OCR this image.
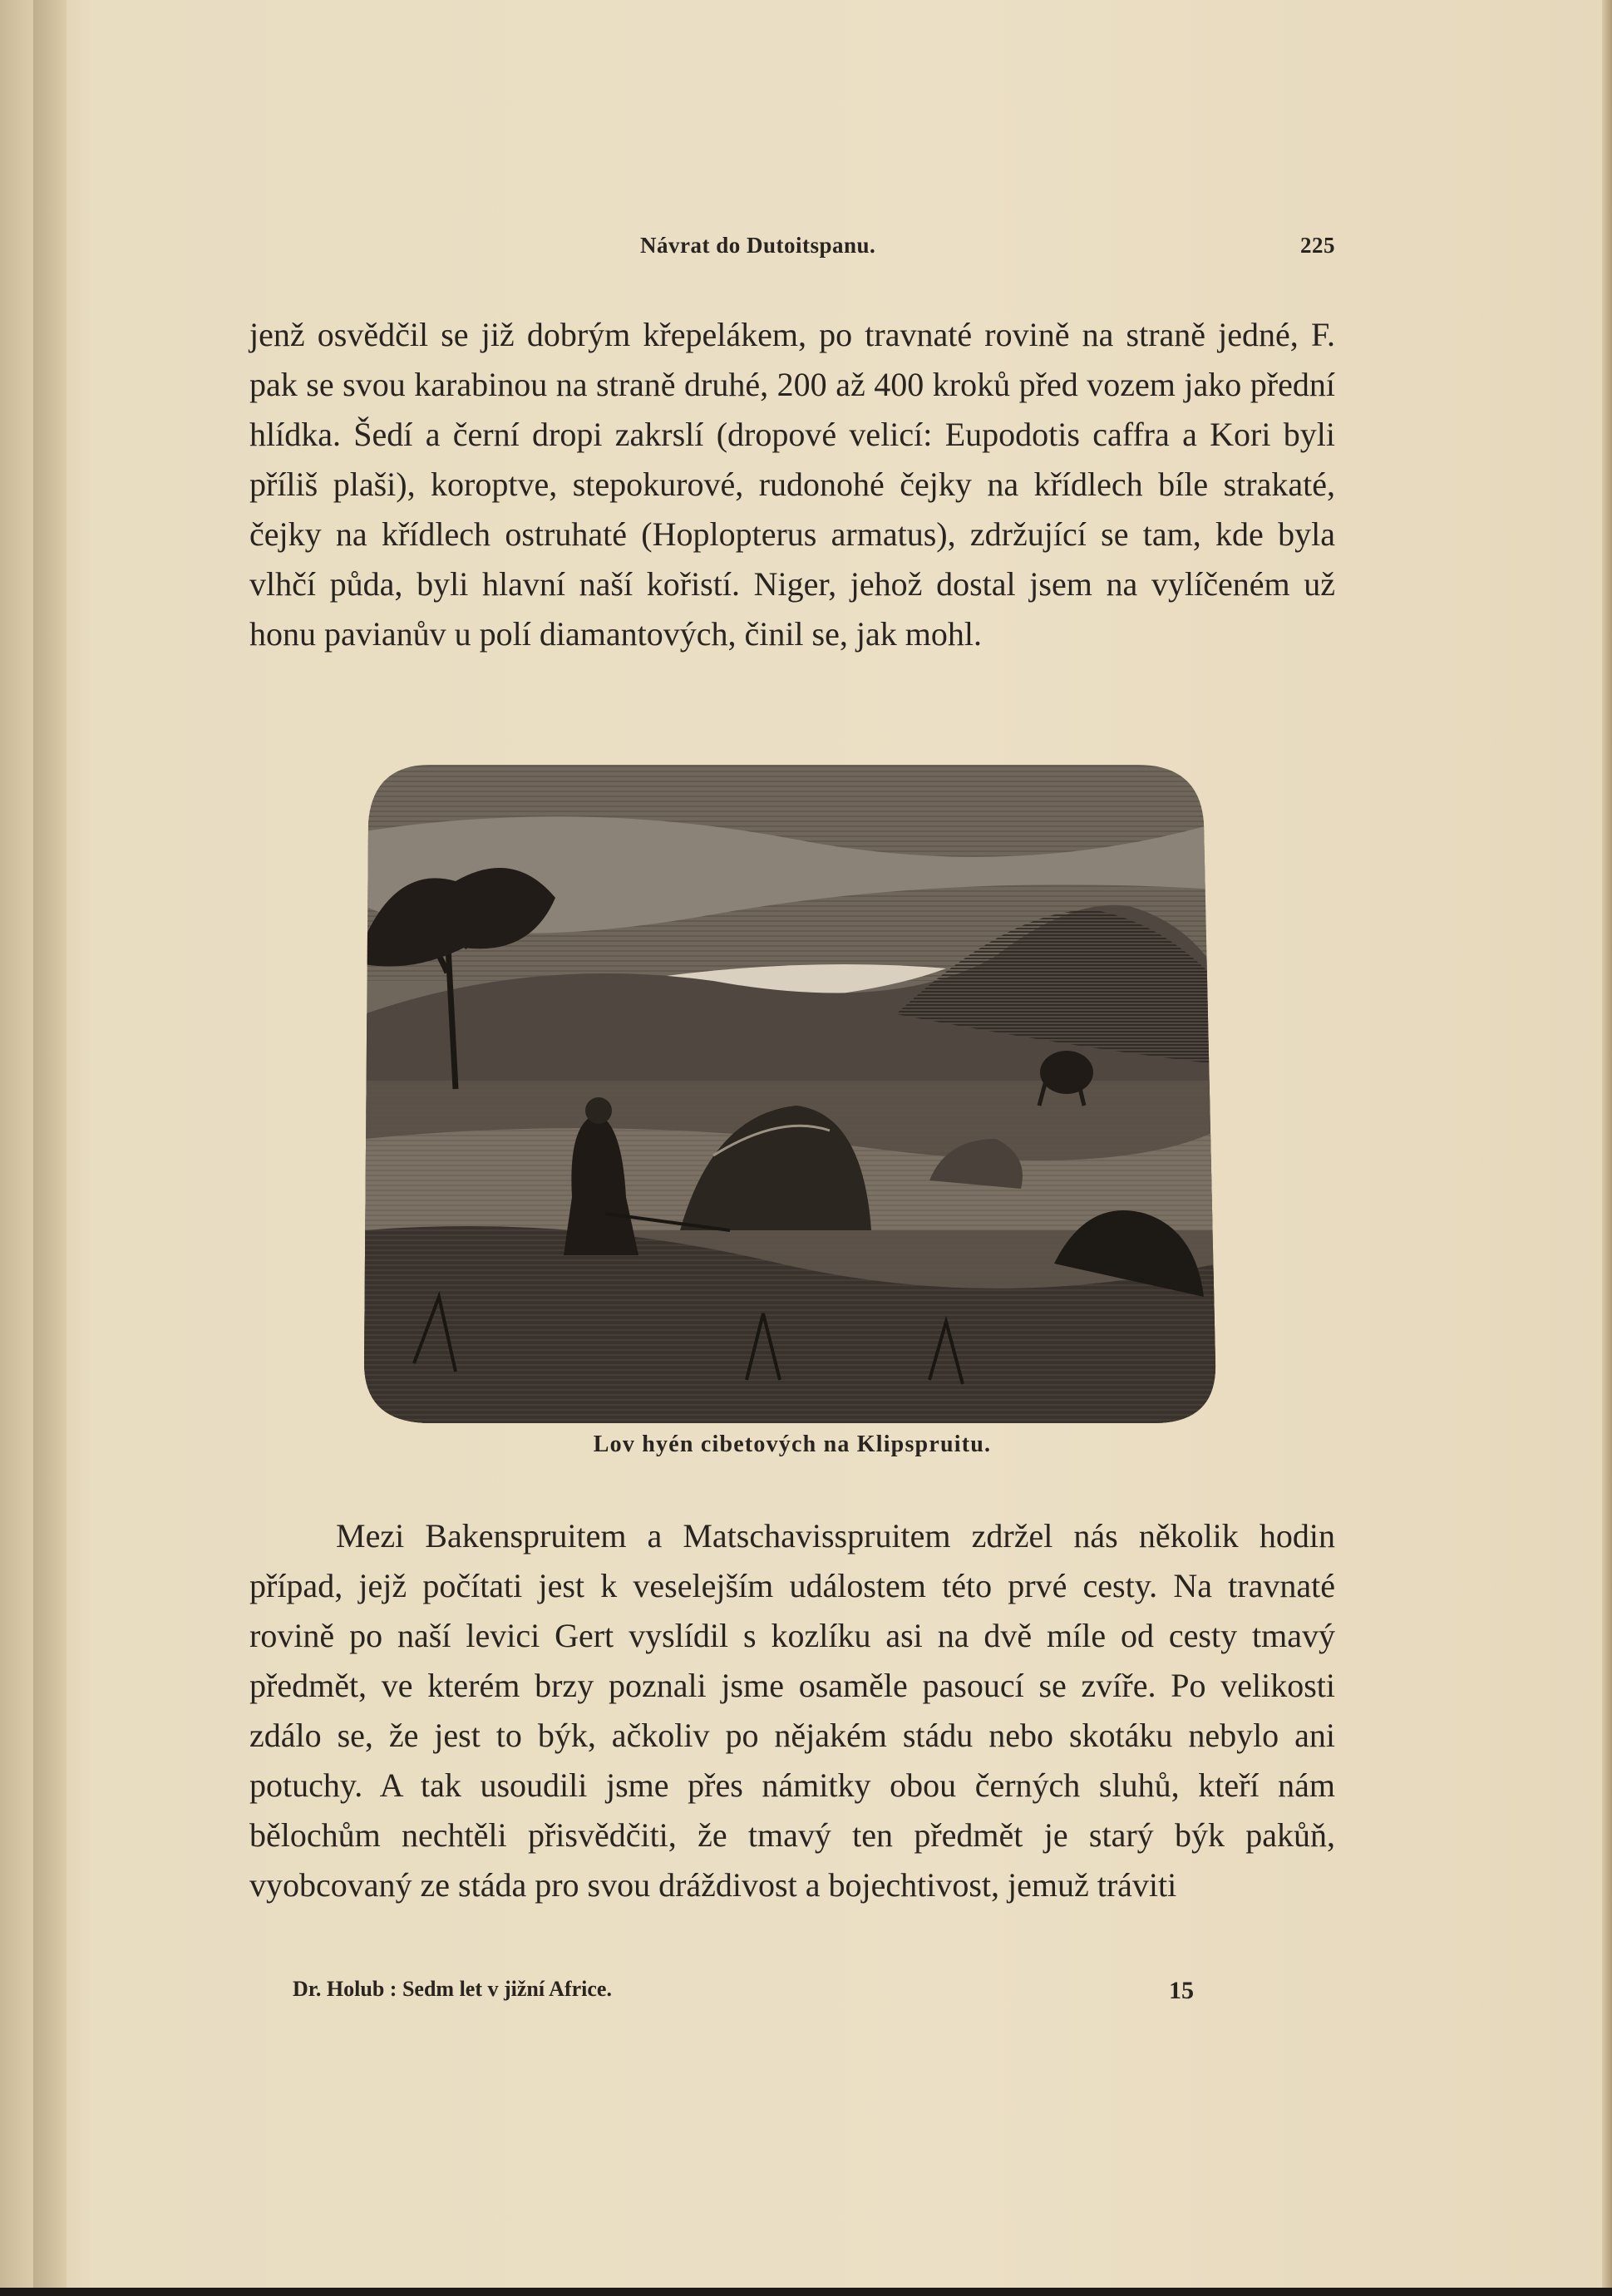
Návrat do Dutoitspanu.	225
jenž osvědčil se již dobrým křepelákem, po travnaté rovině na straně jedné, F. pak se svou karabinou na straně druhé, 200 až 400 kroků před vozem jako přední hlídka. Šedí a černí dropi zakrslí (dropové velicí: Eupodotis caffra a Kori byli příliš plaši), koroptve, stepokurové, rudonohé čejky na křídlech bíle strakaté, čejky na křídlech ostruhaté (Hoplopterus armatus), zdržující se tam, kde byla vlhčí půda, byli hlavní naší kořistí. Niger, jehož dostal jsem na vylíčeném už honu pavianův u polí diamantových, činil se, jak mohl.
Lov hyén cibetových na Klipspruitu.
Mezi Bakenspruitem a Matschavisspruitem zdržel nás několik hodin případ, jejž počítati jest k veselejším událostem této prvé cesty. Na travnaté rovině po naší levici Gert vyslídil s kozlíku asi na dvě míle od cesty tmavý předmět, ve kterém brzy poznali jsme osaměle pasoucí se zvíře. Po velikosti zdálo se, že jest to býk, ačkoliv po nějakém stádu nebo skotáku nebylo ani potuchy. A tak usoudili jsme přes námitky obou černých sluhů, kteří nám bělochům nechtěli přisvědčiti, že tmavý ten předmět je starý býk pakůň, vyobcovaný ze stáda pro svou dráždivost a bojechtivost, jemuž tráviti
Dr. Holub : Sedm let v jižní Africe.	15
